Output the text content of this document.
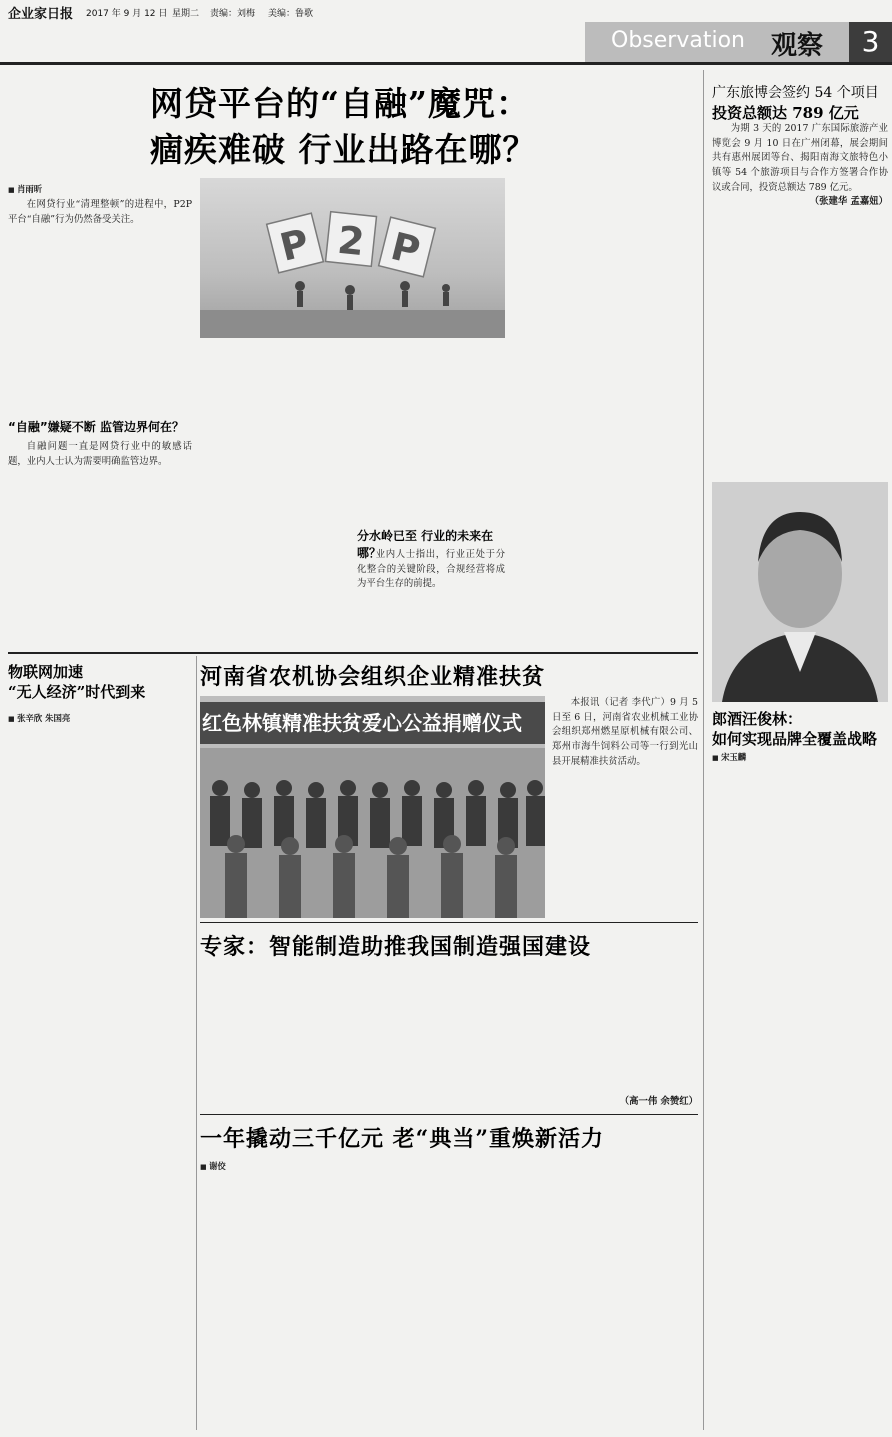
企业家日报 2017 年 9 月 12 日 星期二 责编：刘梅 美编：鲁歌
Observation 观察	3
网贷平台的“自融”魔咒：
痼疾难破 行业出路在哪？
■ 肖雨昕

在网贷行业“清理整顿”的进程中，P2P 平台“自融”行为仍然备受关注。

“自融”嫌疑不断 监管边界何在？

自融问题一直是网贷行业中的敏感话题，业内人士认为需要明确监管边界。

P 2 P
分水岭已至 行业的未来在哪？

业内人士指出，行业正处于分化整合的关键阶段，合规经营将成为平台生存的前提。

广东旅博会签约 54 个项目
投资总额达 789 亿元

为期 3 天的 2017 广东国际旅游产业博览会 9 月 10 日在广州闭幕，展会期间共有惠州展团等台、揭阳南海文旅特色小镇等 54 个旅游项目与合作方签署合作协议或合同，投资总额达 789 亿元。

（张建华 孟嘉妞）

郎酒汪俊林：
如何实现品牌全覆盖战略
■ 宋玉麟
物联网加速
“无人经济”时代到来
■ 张辛欣 朱国亮
河南省农机协会组织企业精准扶贫
红色林镇精准扶贫爱心公益捐赠仪式

本报讯（记者 李代广）9 月 5 日至 6 日，河南省农业机械工业协会组织郑州燃星原机械有限公司、郑州市海牛饲料公司等一行到光山县开展精准扶贫活动。

专家：智能制造助推我国制造强国建设

（高一伟 余赞红）

一年撬动三千亿元 老“典当”重焕新活力
■ 谢佼
